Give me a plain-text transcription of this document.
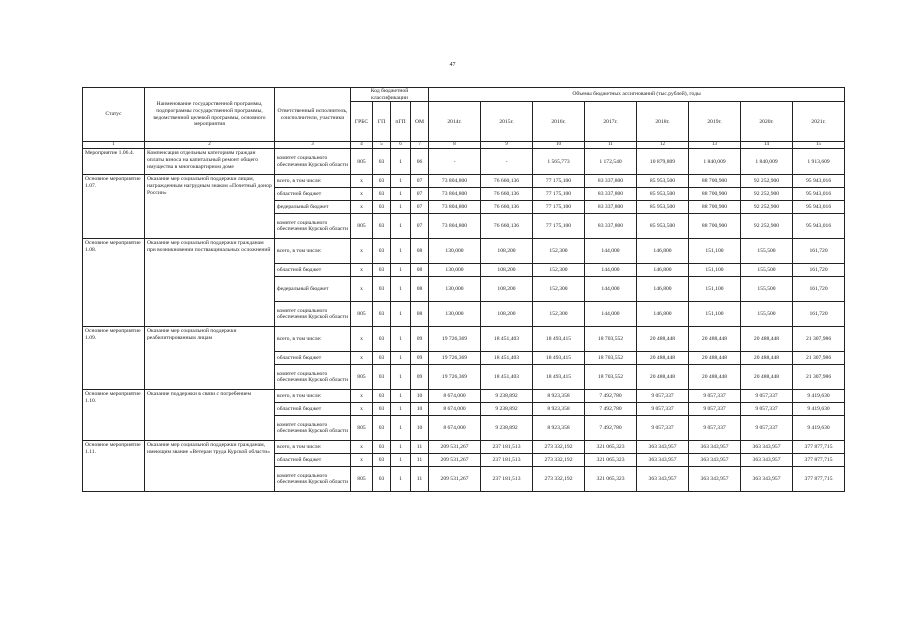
47
Статус	Наименование государственной программы, подпрограммы государственной программы, ведомственной целевой программы, основного мероприятия	Ответственный исполнитель, соисполнители, участники	Код бюджетной классификации				Объемы бюджетных ассигнований (тыс.рублей), годы							
			ГРБС	ГП	пГП	ОМ	2014г.	2015г.	2016г.	2017г.	2018г.	2019г.	2020г.	2021г.
1	2	3	4	5	6	7	8	9	10	11	12	13	14	15
Мероприятие 1.06.4.	Компенсация отдельным категориям граждан оплаты взноса на капитальный ремонт общего имущества в многоквартирном доме	комитет социального обеспечения Курской области	805	03	1	06	-	-	1 565,773	1 172,540	10 879,809	1 840,009	1 840,009	1 913,609
Основное мероприятие 1.07.	Оказание мер социальной поддержки лицам, награжденным нагрудным знаком «Почетный донор России»	всего, в том числе:	х	03	1	07	73 804,800	76 660,136	77 175,100	83 337,800	85 953,500	88 700,900	92 252,900	95 943,016
		областной бюджет	х	03	1	07	73 804,800	76 660,136	77 175,100	83 337,800	85 953,500	88 700,900	92 252,900	95 943,016
		федеральный бюджет	х	03	1	07	73 804,800	76 660,136	77 175,100	83 337,800	85 953,500	88 700,900	92 252,900	95 943,016
		комитет социального обеспечения Курской области	805	03	1	07	73 804,800	76 660,136	77 175,100	83 337,800	85 953,500	88 700,900	92 252,900	95 943,016
Основное мероприятие 1.08.	Оказание мер социальной поддержки гражданам при возникновении поствакцинальных осложнений	всего, в том числе:	х	03	1	08	130,000	108,200	152,300	144,000	146,800	151,100	155,500	161,720
		областной бюджет	х	03	1	08	130,000	108,200	152,300	144,000	146,800	151,100	155,500	161,720
		федеральный бюджет	х	03	1	08	130,000	108,200	152,300	144,000	146,800	151,100	155,500	161,720
		комитет социального обеспечения Курской области	805	03	1	08	130,000	108,200	152,300	144,000	146,800	151,100	155,500	161,720
Основное мероприятие 1.09.	Оказание мер социальной поддержки реабилитированным лицам	всего, в том числе:	х	03	1	09	19 726,369	18 451,403	18 493,415	18 703,552	20 488,448	20 488,448	20 488,448	21 307,986
		областной бюджет	х	03	1	09	19 726,369	18 451,403	18 493,415	18 703,552	20 488,448	20 488,448	20 488,448	21 307,986
		комитет социального обеспечения Курской области	805	03	1	09	19 726,369	18 451,403	18 493,415	18 703,552	20 488,448	20 488,448	20 488,448	21 307,986
Основное мероприятие 1.10.	Оказание поддержки в связи с погребением	всего, в том числе:	х	03	1	10	8 674,000	9 238,892	8 923,358	7 492,780	9 057,337	9 057,337	9 057,337	9 419,630
		областной бюджет	х	03	1	10	8 674,000	9 238,892	8 923,358	7 492,780	9 057,337	9 057,337	9 057,337	9 419,630
		комитет социального обеспечения Курской области	805	03	1	10	8 674,000	9 238,892	8 923,358	7 492,780	9 057,337	9 057,337	9 057,337	9 419,630
Основное мероприятие 1.11.	Оказание мер социальной поддержки гражданам, имеющим звание «Ветеран труда Курской области»	всего, в том числе:	х	03	1	11	209 531,267	237 181,513	273 332,192	321 065,323	363 343,957	363 343,957	363 343,957	377 877,715
		областной бюджет	х	03	1	11	209 531,267	237 181,513	273 332,192	321 065,323	363 343,957	363 343,957	363 343,957	377 877,715
		комитет социального обеспечения Курской области	805	03	1	11	209 531,267	237 181,513	273 332,192	321 065,323	363 343,957	363 343,957	363 343,957	377 877,715
